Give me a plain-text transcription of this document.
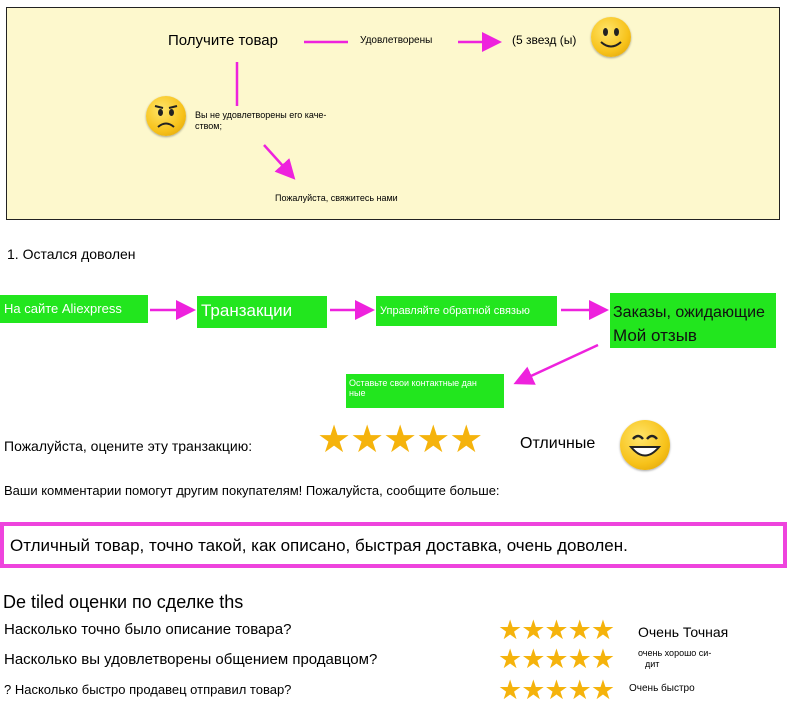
Получите товар	Удовлетворены	(5 звезд (ы)
Вы не удовлетворены его каче-
ством;
Пожалуйста, свяжитесь нами
1. Остался доволен
На сайте Aliexpress	Транзакции	Управляйте обратной связью	Заказы, ожидающие
Мой отзыв
Оставьте свои контактные дан
ные
Пожалуйста, оцените эту транзакцию: ★★★★★ Отличные
Ваши комментарии помогут другим покупателям! Пожалуйста, сообщите больше:
Отличный товар, точно такой, как описано, быстрая доставка, очень доволен.
De tiled оценки по сделке ths
Насколько точно было описание товара?	★★★★★ Очень Точная
Насколько вы удовлетворены общением продавцом?	★★★★★	очень хорошо си-
дит
? Насколько быстро продавец отправил товар?	★★★★★ Очень быстро
